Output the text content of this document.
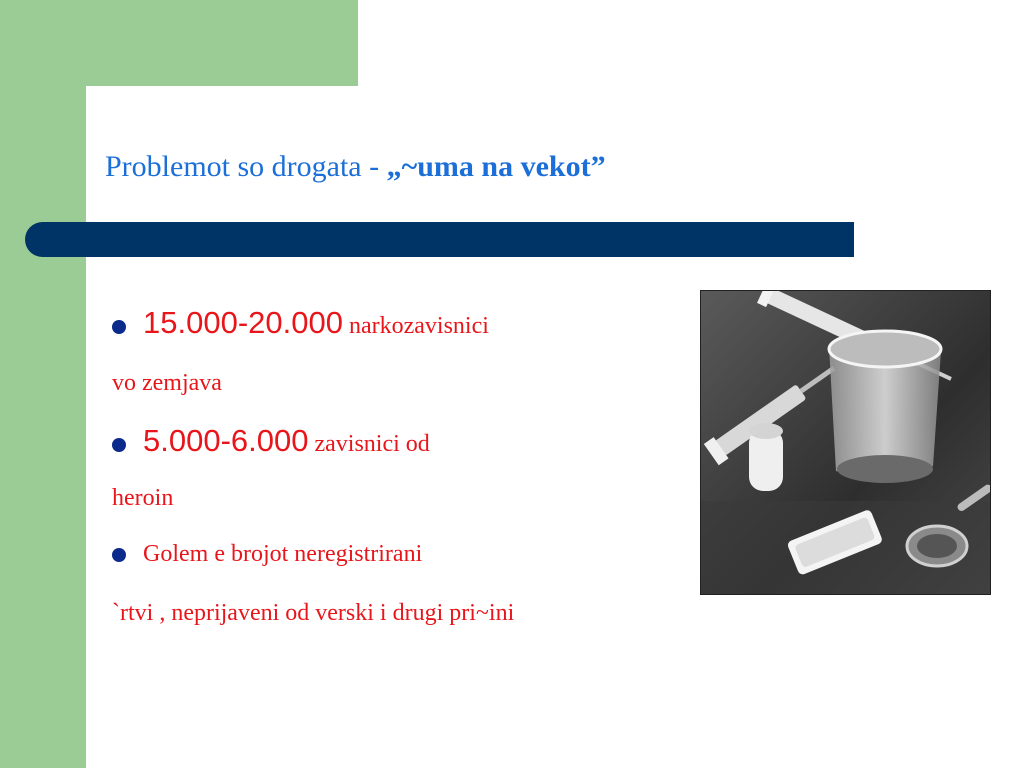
Problemot so drogata - „~uma na vekot”
15.000-20.000 narkozavisnici
vo zemjava
5.000-6.000 zavisnici od
heroin
Golem e brojot neregistrirani
`rtvi , neprijaveni od verski i drugi pri~ini
